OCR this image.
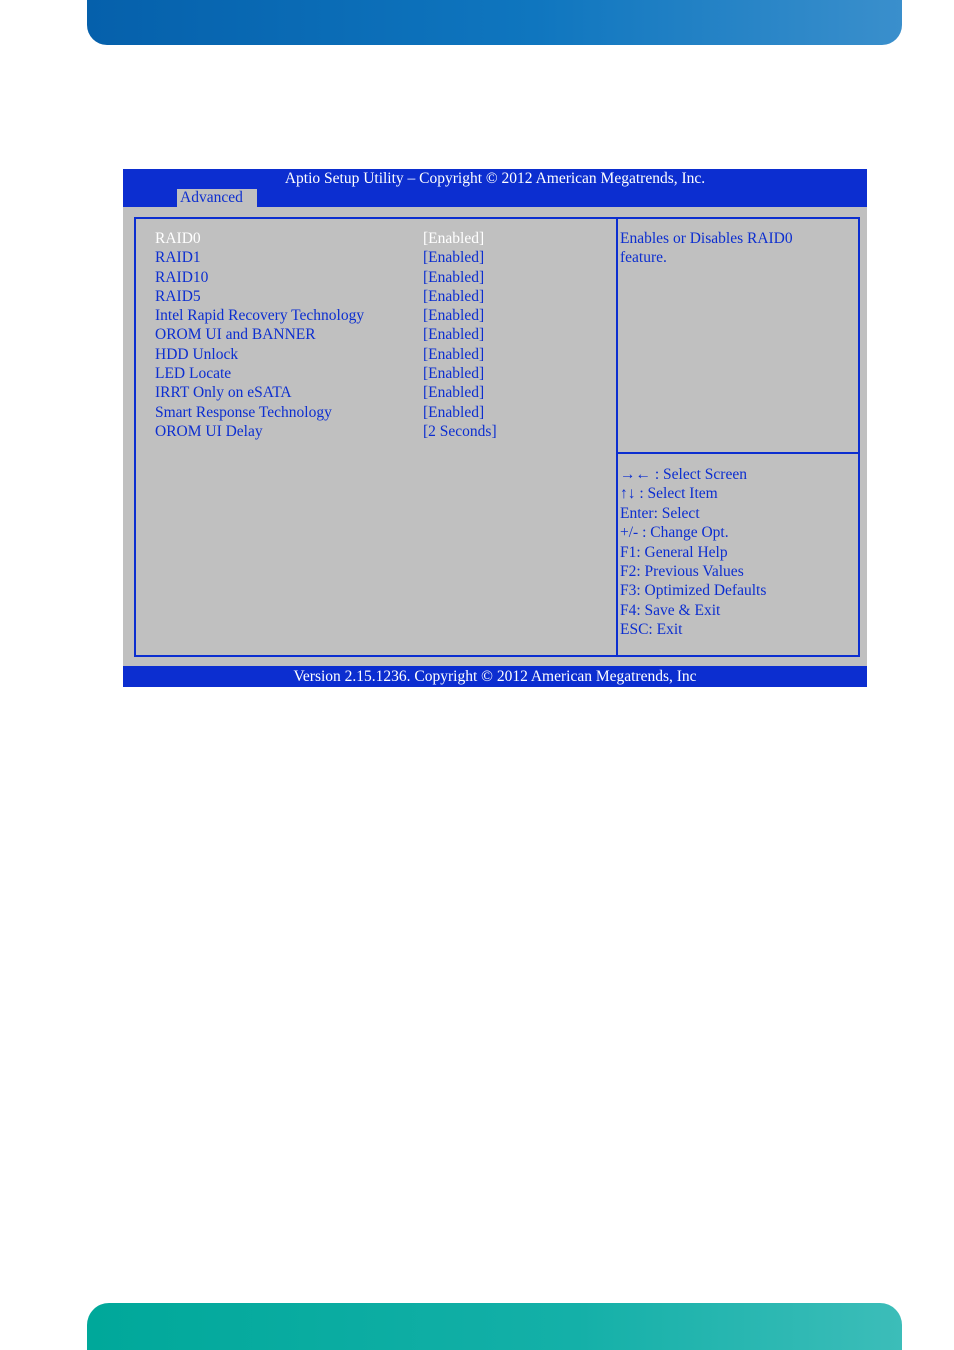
Aptio Setup Utility – Copyright © 2012 American Megatrends, Inc.
Advanced
RAID0	[Enabled]
RAID1	[Enabled]
RAID10	[Enabled]
RAID5	[Enabled]
Intel Rapid Recovery Technology	[Enabled]
OROM UI and BANNER	[Enabled]
HDD Unlock	[Enabled]
LED Locate	[Enabled]
IRRT Only on eSATA	[Enabled]
Smart Response Technology	[Enabled]
OROM UI Delay	[2 Seconds]
Enables or Disables RAID0
feature.
→← : Select Screen
↑↓ : Select Item
Enter: Select
+/- : Change Opt.
F1: General Help
F2: Previous Values
F3: Optimized Defaults
F4: Save & Exit
ESC: Exit
Version 2.15.1236. Copyright © 2012 American Megatrends, Inc
